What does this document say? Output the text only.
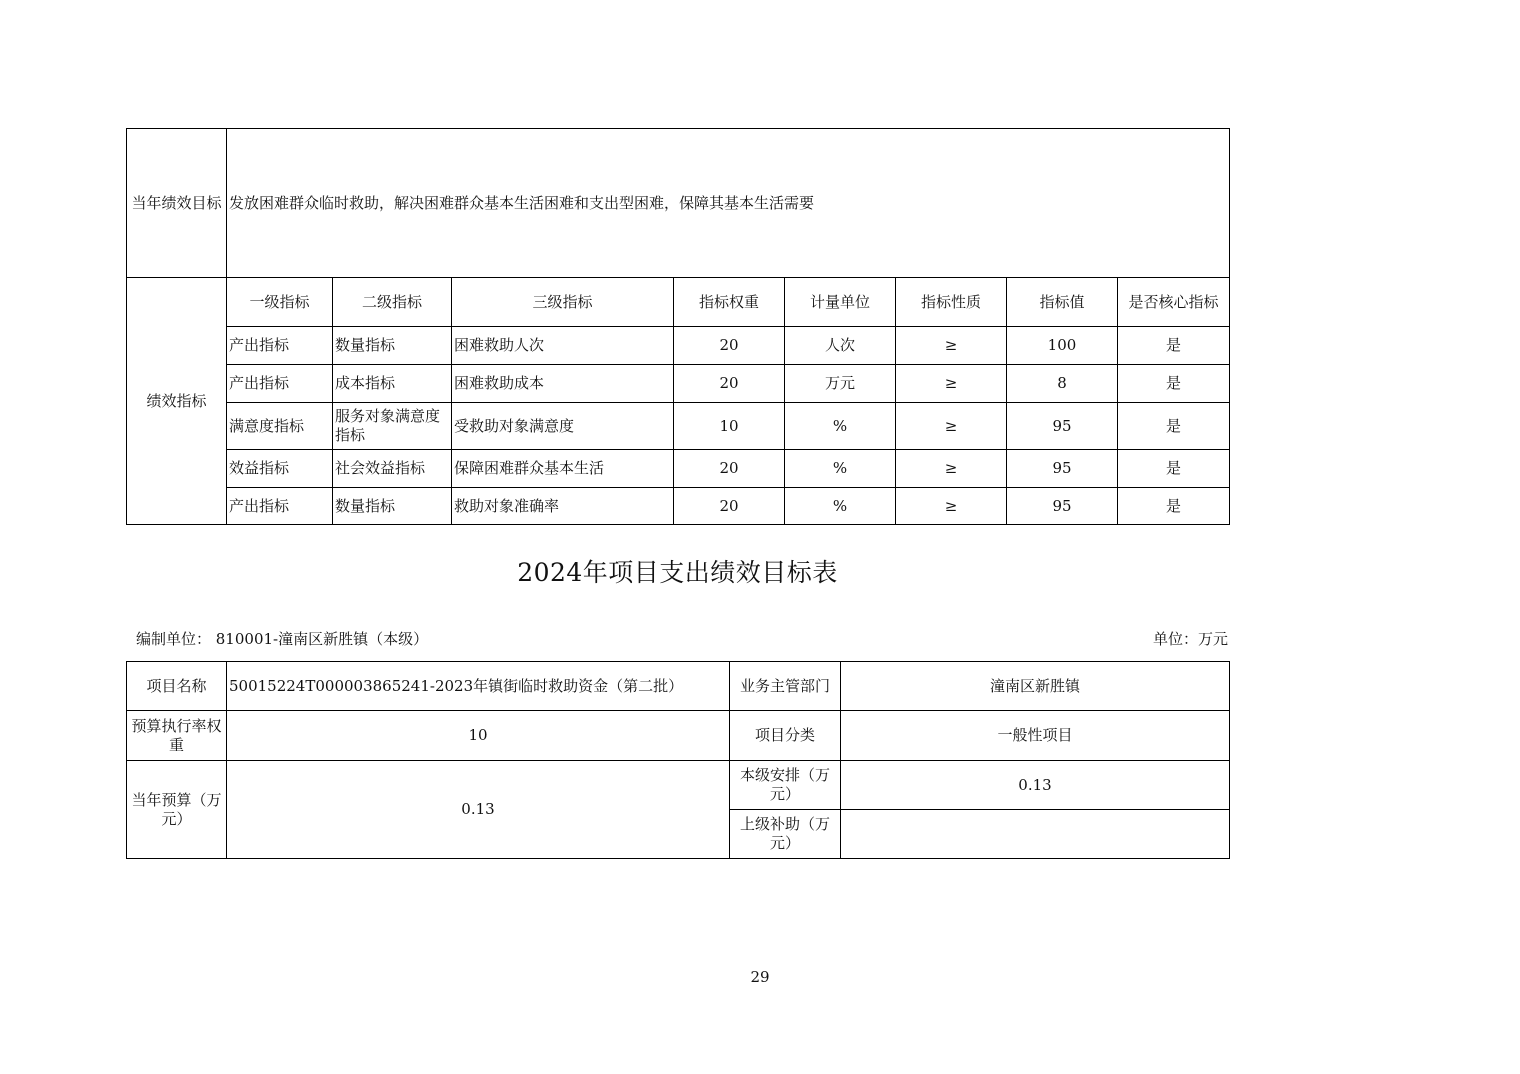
当年绩效目标	发放困难群众临时救助，解决困难群众基本生活困难和支出型困难，保障其基本生活需要							
绩效指标	一级指标	二级指标	三级指标	指标权重	计量单位	指标性质	指标值	是否核心指标
	产出指标	数量指标	困难救助人次	20	人次	≥	100	是
	产出指标	成本指标	困难救助成本	20	万元	≥	8	是
	满意度指标	服务对象满意度指标	受救助对象满意度	10	%	≥	95	是
	效益指标	社会效益指标	保障困难群众基本生活	20	%	≥	95	是
	产出指标	数量指标	救助对象准确率	20	%	≥	95	是
2024年项目支出绩效目标表
编制单位： 810001-潼南区新胜镇（本级）	单位：万元
项目名称	50015224T000003865241-2023年镇街临时救助资金（第二批）	业务主管部门	潼南区新胜镇
预算执行率权重	10	项目分类	一般性项目
当年预算（万元）	0.13	本级安排（万元）	0.13
		上级补助（万元）	
29
